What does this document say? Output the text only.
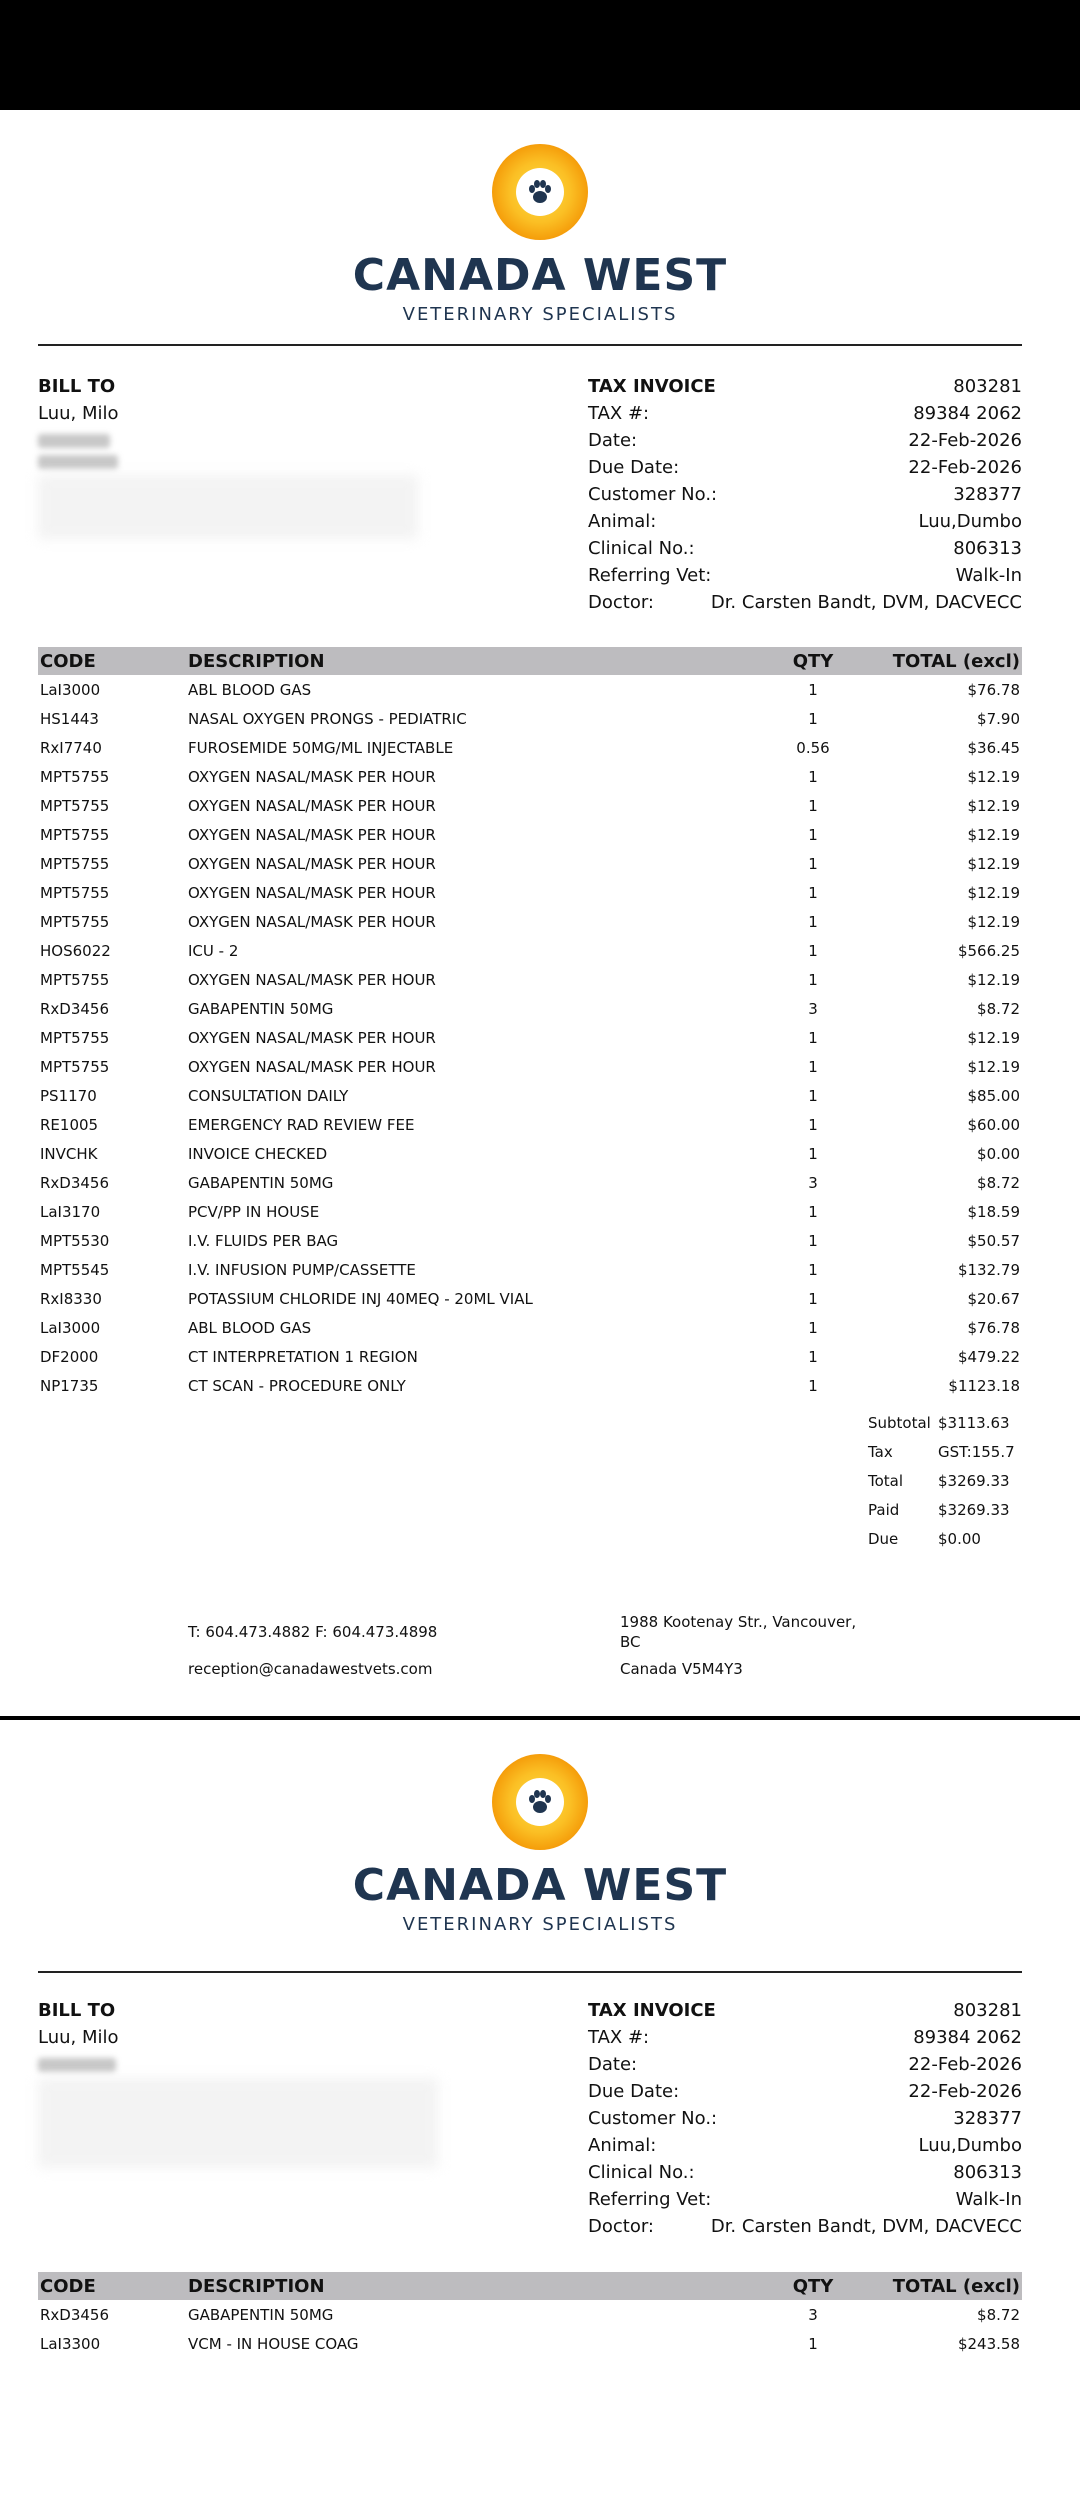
CANADA WEST
VETERINARY SPECIALISTS
BILL TO
Luu, Milo
TAX INVOICE	803281
TAX #:	89384 2062
Date:	22-Feb-2026
Due Date:	22-Feb-2026
Customer No.:	328377
Animal:	Luu,Dumbo
Clinical No.:	806313
Referring Vet:	Walk-In
Doctor:	Dr. Carsten Bandt, DVM, DACVECC
CODE	DESCRIPTION	QTY	TOTAL (excl)
LaI3000	ABL BLOOD GAS	1	$76.78
HS1443	NASAL OXYGEN PRONGS - PEDIATRIC	1	$7.90
RxI7740	FUROSEMIDE 50MG/ML INJECTABLE	0.56	$36.45
MPT5755	OXYGEN NASAL/MASK PER HOUR	1	$12.19
MPT5755	OXYGEN NASAL/MASK PER HOUR	1	$12.19
MPT5755	OXYGEN NASAL/MASK PER HOUR	1	$12.19
MPT5755	OXYGEN NASAL/MASK PER HOUR	1	$12.19
MPT5755	OXYGEN NASAL/MASK PER HOUR	1	$12.19
MPT5755	OXYGEN NASAL/MASK PER HOUR	1	$12.19
HOS6022	ICU - 2	1	$566.25
MPT5755	OXYGEN NASAL/MASK PER HOUR	1	$12.19
RxD3456	GABAPENTIN 50MG	3	$8.72
MPT5755	OXYGEN NASAL/MASK PER HOUR	1	$12.19
MPT5755	OXYGEN NASAL/MASK PER HOUR	1	$12.19
PS1170	CONSULTATION DAILY	1	$85.00
RE1005	EMERGENCY RAD REVIEW FEE	1	$60.00
INVCHK	INVOICE CHECKED	1	$0.00
RxD3456	GABAPENTIN 50MG	3	$8.72
LaI3170	PCV/PP IN HOUSE	1	$18.59
MPT5530	I.V. FLUIDS PER BAG	1	$50.57
MPT5545	I.V. INFUSION PUMP/CASSETTE	1	$132.79
RxI8330	POTASSIUM CHLORIDE INJ 40MEQ - 20ML VIAL	1	$20.67
LaI3000	ABL BLOOD GAS	1	$76.78
DF2000	CT INTERPRETATION 1 REGION	1	$479.22
NP1735	CT SCAN - PROCEDURE ONLY	1	$1123.18
Subtotal $3113.63
Tax	GST:155.7
Total	$3269.33
Paid	$3269.33
Due	$0.00
T: 604.473.4882 F: 604.473.4898
reception@canadawestvets.com
1988 Kootenay Str., Vancouver,
BC
Canada V5M4Y3
CANADA WEST
VETERINARY SPECIALISTS
BILL TO
Luu, Milo
TAX INVOICE	803281
TAX #:	89384 2062
Date:	22-Feb-2026
Due Date:	22-Feb-2026
Customer No.:	328377
Animal:	Luu,Dumbo
Clinical No.:	806313
Referring Vet:	Walk-In
Doctor:	Dr. Carsten Bandt, DVM, DACVECC
CODE	DESCRIPTION	QTY	TOTAL (excl)
RxD3456	GABAPENTIN 50MG	3	$8.72
LaI3300	VCM - IN HOUSE COAG	1	$243.58
